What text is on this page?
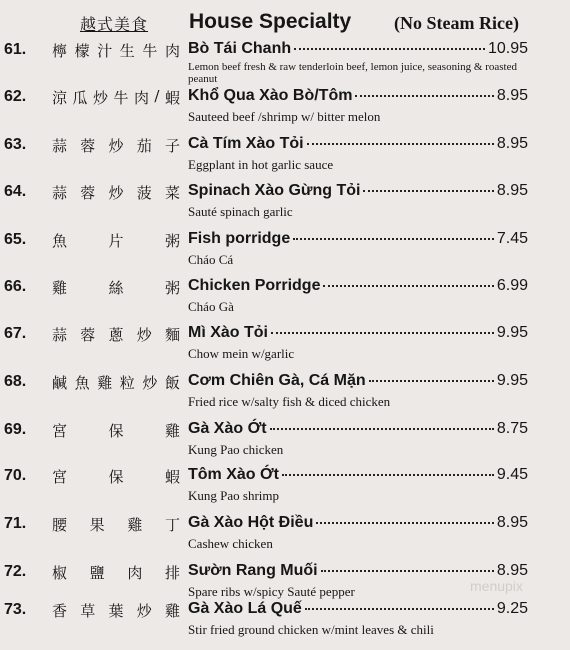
越式美食 House Specialty (No Steam Rice)
61.	檸 檬 汁 生 牛 肉 Bò Tái Chanh	10.95
Lemon beef fresh & raw tenderloin beef, lemon juice, seasoning & roasted peanut
62.	涼 瓜 炒 牛 肉 / 蝦 Khổ Qua Xào Bò/Tôm	8.95
Sauteed beef /shrimp w/ bitter melon
63.	蒜 蓉 炒 茄 子 Cà Tím Xào Tỏi	8.95
Eggplant in hot garlic sauce
64.	蒜 蓉 炒 菠 菜 Spinach Xào Gừng Tỏi	8.95
Sauté spinach garlic
65.	魚	片	粥 Fish porridge	7.45
Cháo Cá
66.	雞	絲	粥 Chicken Porridge	6.99
Cháo Gà
67.	蒜 蓉 蔥 炒 麵 Mì Xào Tỏi	9.95
Chow mein w/garlic
68.	鹹 魚 雞 粒 炒 飯 Cơm Chiên Gà, Cá Mặn	9.95
Fried rice w/salty fish & diced chicken
69.	宮	保	雞 Gà Xào Ớt	8.75
Kung Pao chicken
70.	宮	保	蝦 Tôm Xào Ớt	9.45
Kung Pao shrimp
71.	腰 果 雞 丁 Gà Xào Hột Điều	8.95
Cashew chicken
72.	椒 鹽 肉 排 Sườn Rang Muối	8.95
Spare ribs w/spicy Sauté pepper
73.	香 草 葉 炒 雞 Gà Xào Lá Quế	9.25
Stir fried ground chicken w/mint leaves & chili
menupix
